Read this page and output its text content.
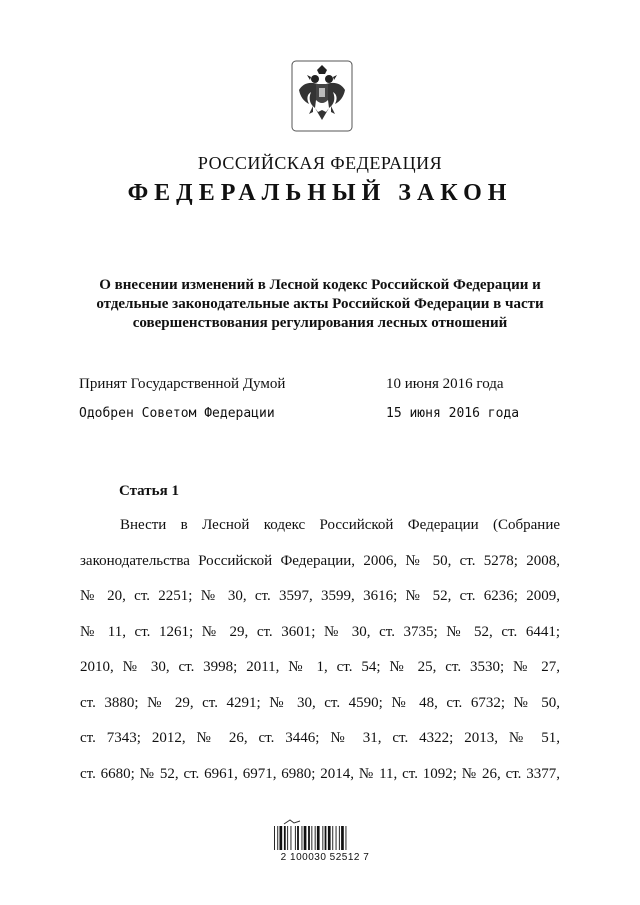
РОССИЙСКАЯ ФЕДЕРАЦИЯ
ФЕДЕРАЛЬНЫЙ ЗАКОН
О внесении изменений в Лесной кодекс Российской Федерации и
отдельные законодательные акты Российской Федерации в части
совершенствования регулирования лесных отношений
Принят Государственной Думой	10 июня 2016 года
Одобрен Советом Федерации	15 июня 2016 года
Статья 1
Внести в Лесной кодекс Российской Федерации (Собрание
законодательства Российской Федерации, 2006, № 50, ст. 5278; 2008,
№ 20, ст. 2251; № 30, ст. 3597, 3599, 3616; № 52, ст. 6236; 2009,
№ 11, ст. 1261; № 29, ст. 3601; № 30, ст. 3735; № 52, ст. 6441;
2010, № 30, ст. 3998; 2011, № 1, ст. 54; № 25, ст. 3530; № 27,
ст. 3880; № 29, ст. 4291; № 30, ст. 4590; № 48, ст. 6732; № 50,
ст. 7343; 2012, № 26, ст. 3446; № 31, ст. 4322; 2013, № 51,
ст. 6680; № 52, ст. 6961, 6971, 6980; 2014, № 11, ст. 1092; № 26, ст. 3377,
2 100030 52512 7
